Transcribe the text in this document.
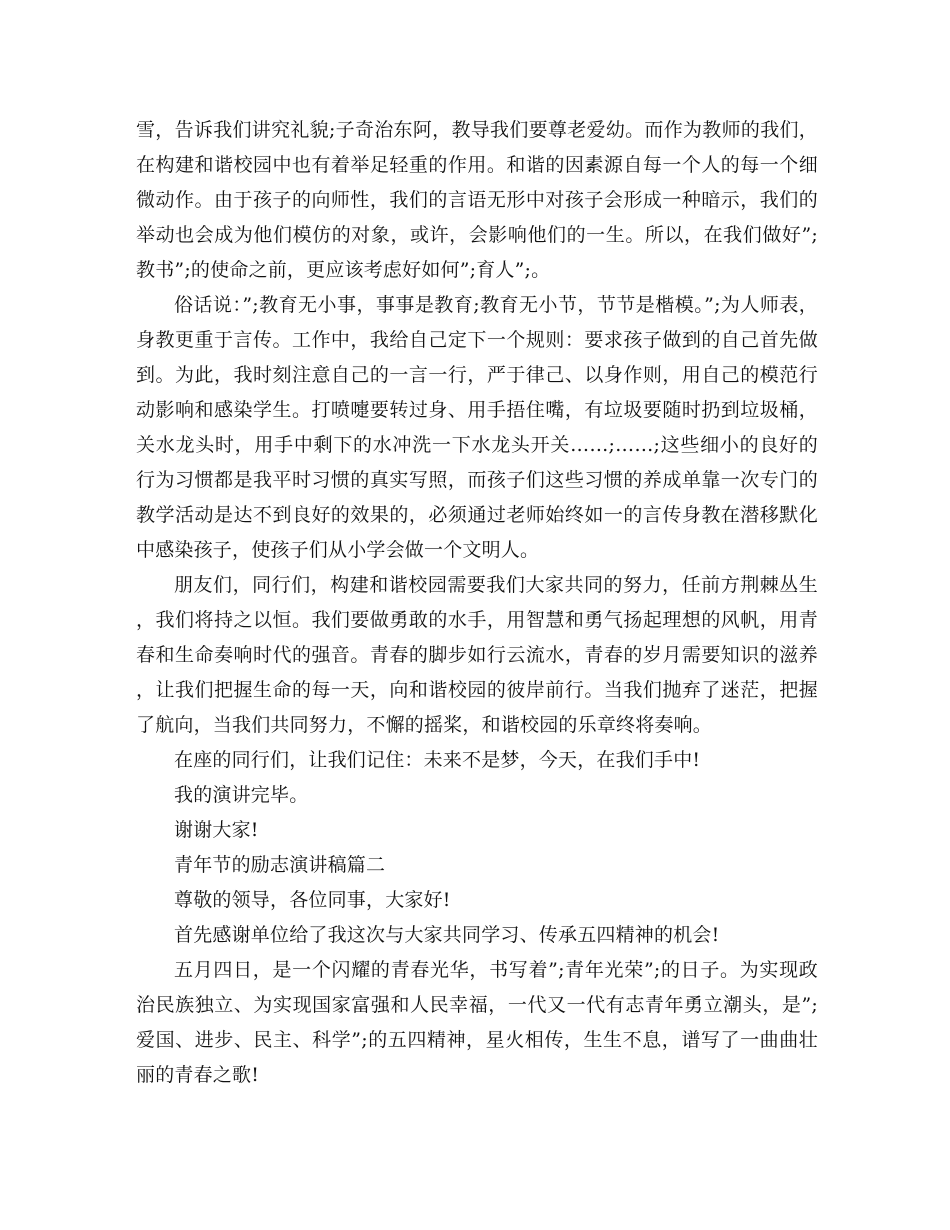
雪，告诉我们讲究礼貌;子奇治东阿，教导我们要尊老爱幼。而作为教师的我们，在构建和谐校园中也有着举足轻重的作用。和谐的因素源自每一个人的每一个细微动作。由于孩子的向师性，我们的言语无形中对孩子会形成一种暗示，我们的举动也会成为他们模仿的对象，或许，会影响他们的一生。所以，在我们做好”;教书”;的使命之前，更应该考虑好如何”;育人”;。

俗话说：”;教育无小事，事事是教育;教育无小节，节节是楷模。”;为人师表，身教更重于言传。工作中，我给自己定下一个规则：要求孩子做到的自己首先做到。为此，我时刻注意自己的一言一行，严于律己、以身作则，用自己的模范行动影响和感染学生。打喷嚏要转过身、用手捂住嘴，有垃圾要随时扔到垃圾桶，关水龙头时，用手中剩下的水冲洗一下水龙头开关……;……;这些细小的良好的行为习惯都是我平时习惯的真实写照，而孩子们这些习惯的养成单靠一次专门的教学活动是达不到良好的效果的，必须通过老师始终如一的言传身教在潜移默化中感染孩子，使孩子们从小学会做一个文明人。

朋友们，同行们，构建和谐校园需要我们大家共同的努力，任前方荆棘丛生，我们将持之以恒。我们要做勇敢的水手，用智慧和勇气扬起理想的风帆，用青春和生命奏响时代的强音。青春的脚步如行云流水，青春的岁月需要知识的滋养，让我们把握生命的每一天，向和谐校园的彼岸前行。当我们抛弃了迷茫，把握了航向，当我们共同努力，不懈的摇桨，和谐校园的乐章终将奏响。

在座的同行们，让我们记住：未来不是梦，今天，在我们手中!

我的演讲完毕。

谢谢大家!

青年节的励志演讲稿篇二

尊敬的领导，各位同事，大家好!

首先感谢单位给了我这次与大家共同学习、传承五四精神的机会!

五月四日，是一个闪耀的青春光华，书写着”;青年光荣”;的日子。为实现政治民族独立、为实现国家富强和人民幸福，一代又一代有志青年勇立潮头，是”;爱国、进步、民主、科学”;的五四精神，星火相传，生生不息，谱写了一曲曲壮丽的青春之歌!
